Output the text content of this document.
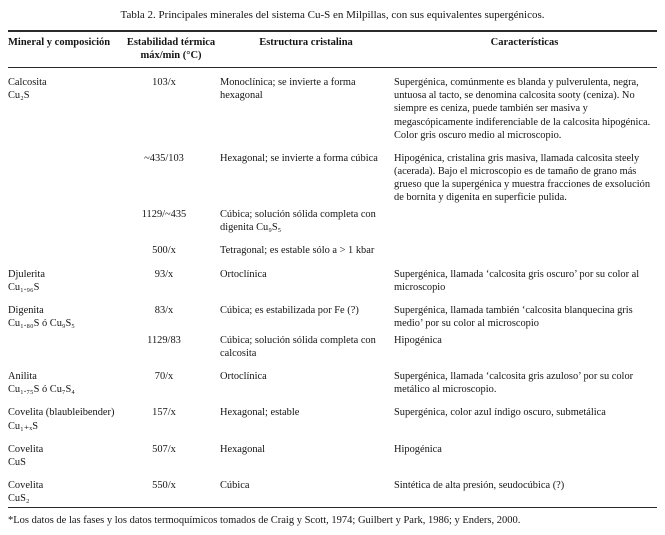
Tabla 2. Principales minerales del sistema Cu-S en Milpillas, con sus equivalentes supergénicos.
Mineral y composición	Estabilidad térmica máx/min (°C)	Estructura cristalina	Características

Calcosita
Cu₂S	103/x	Monoclínica; se invierte a forma hexagonal	Supergénica, comúnmente es blanda y pulverulenta, negra, untuosa al tacto, se denomina calcosita sooty (ceniza). No siempre es ceniza, puede también ser masiva y megascópicamente indiferenciable de la calcosita hipogénica. Color gris oscuro medio al microscopio.

	~435/103	Hexagonal; se invierte a forma cúbica	Hipogénica, cristalina gris masiva, llamada calcosita steely (acerada). Bajo el microscopio es de tamaño de grano más grueso que la supergénica y muestra fracciones de exsolución de bornita y digenita en superficie pulida.

	1129/~435	Cúbica; solución sólida completa con digenita Cu₉S₅	

	500/x	Tetragonal; es estable sólo a > 1 kbar	

Djulerita
Cu₁.₉₆S	93/x	Ortoclínica	Supergénica, llamada ‘calcosita gris oscuro’ por su color al microscopio

Digenita
Cu₁.₈₀S ó Cu₉S₅	83/x	Cúbica; es estabilizada por Fe (?)	Supergénica, llamada también ‘calcosita blanquecina gris medio’ por su color al microscopio

	1129/83	Cúbica; solución sólida completa con calcosita	Hipogénica

Anilita
Cu₁.₇₅S ó Cu₇S₄	70/x	Ortoclínica	Supergénica, llamada ‘calcosita gris azuloso’ por su color metálico al microscopio.

Covelita (blaubleibender)
Cu₁₊ₓS	157/x	Hexagonal; estable	Supergénica, color azul índigo oscuro, submetálica

Covelita
CuS	507/x	Hexagonal	Hipogénica

Covelita
CuS₂	550/x	Cúbica	Sintética de alta presión, seudocúbica (?)
*Los datos de las fases y los datos termoquímicos tomados de Craig y Scott, 1974; Guilbert y Park, 1986; y Enders, 2000.
